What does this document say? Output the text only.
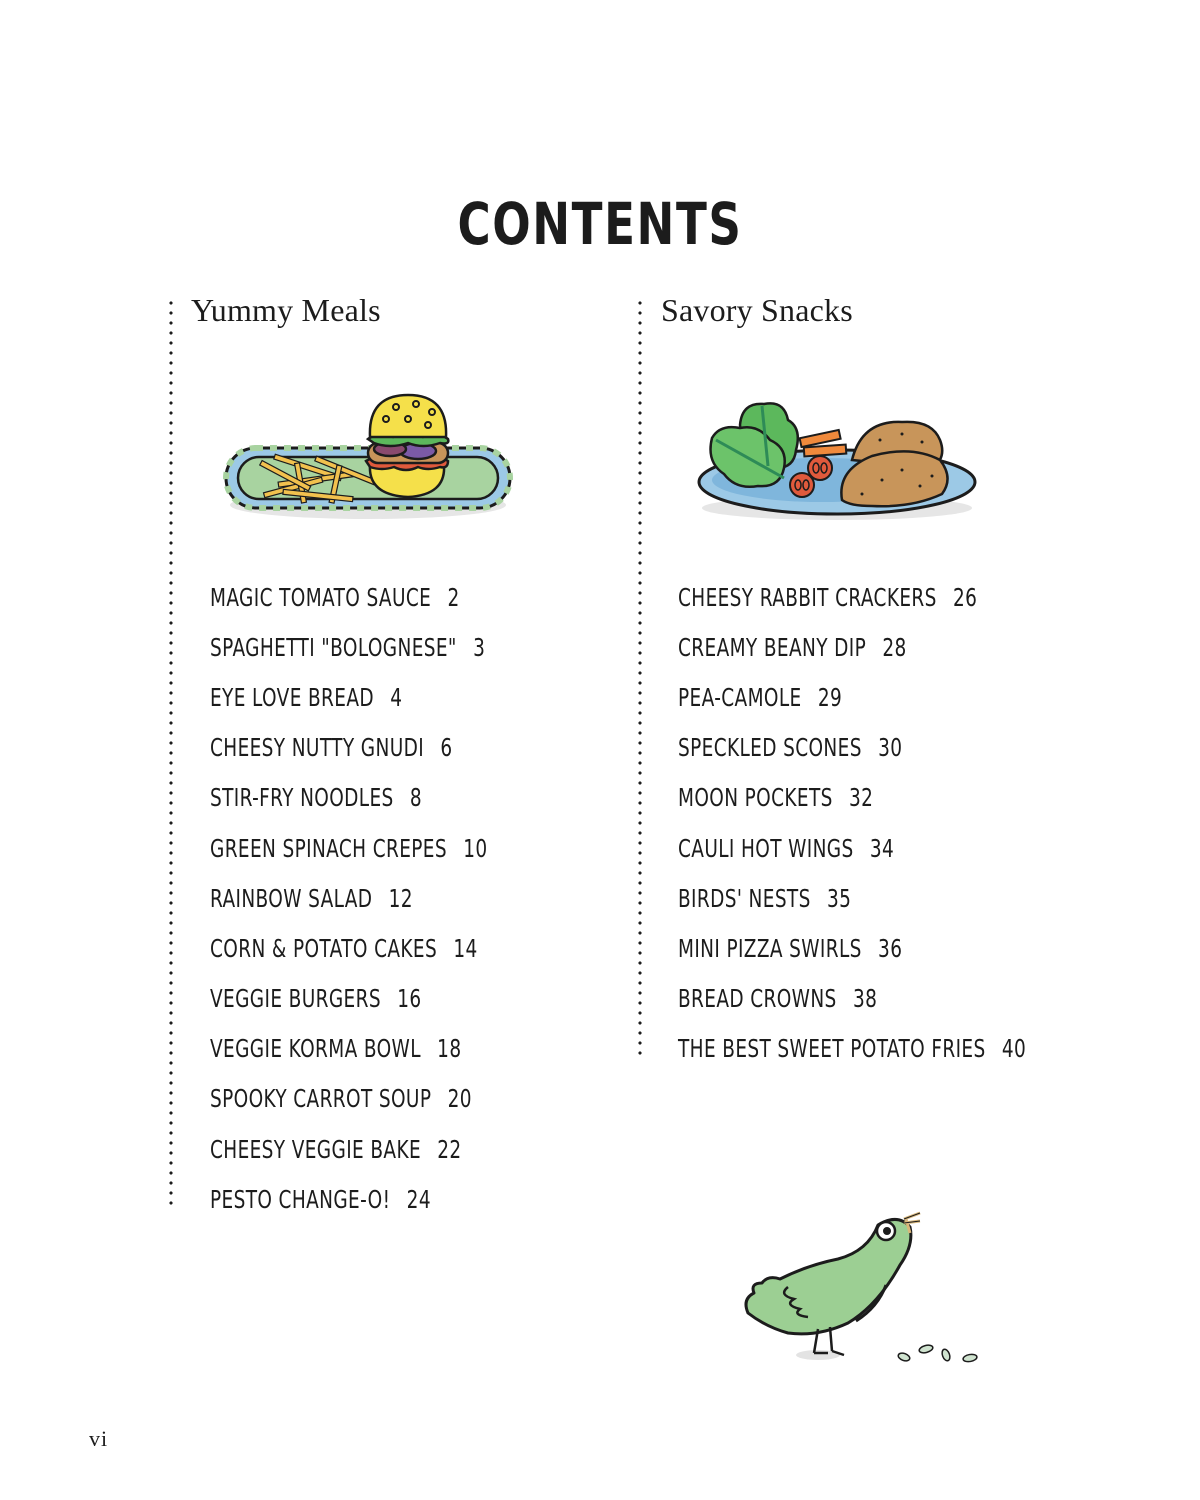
CONTENTS
Yummy Meals
MAGIC TOMATO SAUCE 2
SPAGHETTI "BOLOGNESE" 3
EYE LOVE BREAD 4
CHEESY NUTTY GNUDI 6
STIR-FRY NOODLES 8
GREEN SPINACH CREPES 10
RAINBOW SALAD 12
CORN & POTATO CAKES 14
VEGGIE BURGERS 16
VEGGIE KORMA BOWL 18
SPOOKY CARROT SOUP 20
CHEESY VEGGIE BAKE 22
PESTO CHANGE-O! 24
Savory Snacks
CHEESY RABBIT CRACKERS 26
CREAMY BEANY DIP 28
PEA-CAMOLE 29
SPECKLED SCONES 30
MOON POCKETS 32
CAULI HOT WINGS 34
BIRDS' NESTS 35
MINI PIZZA SWIRLS 36
BREAD CROWNS 38
THE BEST SWEET POTATO FRIES 40
vi
